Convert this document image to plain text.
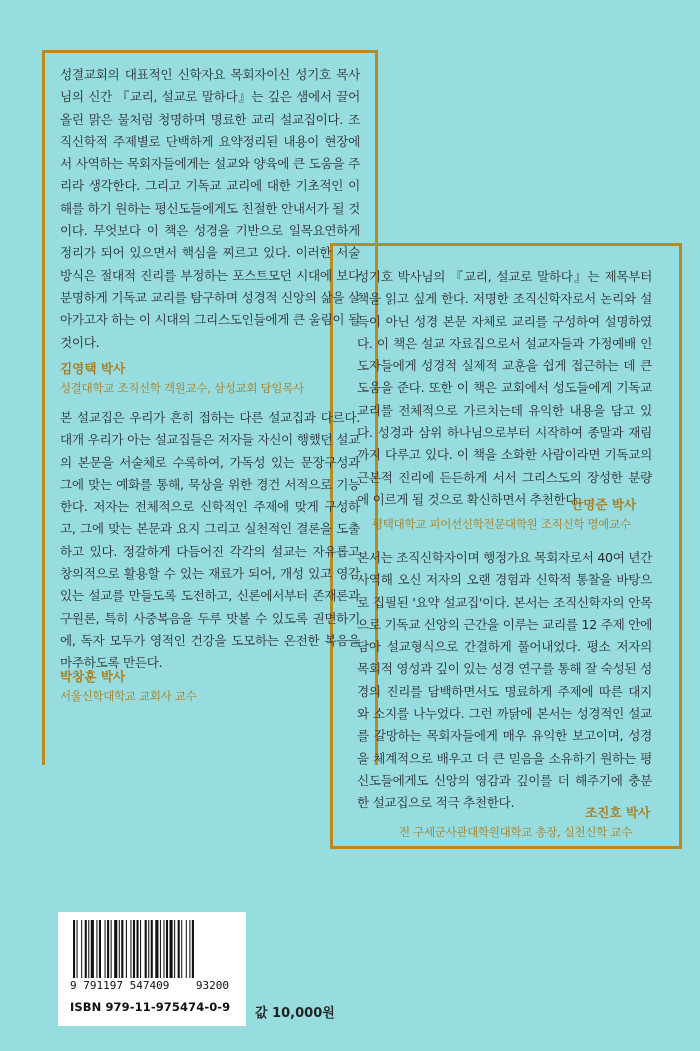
성결교회의 대표적인 신학자요 목회자이신 성기호 목사님의 신간 『교리, 설교로 말하다』는 깊은 샘에서 끌어올린 맑은 물처럼 청명하며 명료한 교리 설교집이다. 조직신학적 주제별로 단백하게 요약정리된 내용이 현장에서 사역하는 목회자들에게는 설교와 양육에 큰 도움을 주리라 생각한다. 그리고 기독교 교리에 대한 기초적인 이해를 하기 원하는 평신도들에게도 친절한 안내서가 될 것이다. 무엇보다 이 책은 성경을 기반으로 일목요연하게 정리가 되어 있으면서 핵심을 찌르고 있다. 이러한 서술방식은 절대적 진리를 부정하는 포스트모던 시대에 보다 분명하게 기독교 교리를 탐구하며 성경적 신앙의 삶을 살아가고자 하는 이 시대의 그리스도인들에게 큰 울림이 될 것이다.

김영택 박사
성결대학교 조직신학 객원교수, 삼성교회 담임목사

본 설교집은 우리가 흔히 접하는 다른 설교집과 다르다. 대개 우리가 아는 설교집들은 저자들 자신이 행했던 설교의 본문을 서술체로 수록하여, 가독성 있는 문장구성과 그에 맞는 예화를 통해, 묵상을 위한 경건 서적으로 기능한다. 저자는 전체적으로 신학적인 주제에 맞게 구성하고, 그에 맞는 본문과 요지 그리고 실천적인 결론을 도출하고 있다. 정갈하게 다듬어진 각각의 설교는 자유롭고 창의적으로 활용할 수 있는 재료가 되어, 개성 있고 영감 있는 설교를 만들도록 도전하고, 신론에서부터 존재론과 구원론, 특히 사중복음을 두루 맛볼 수 있도록 권면하기에, 독자 모두가 영적인 건강을 도모하는 온전한 복음을 마주하도록 만든다.

박창훈 박사
서울신학대학교 교회사 교수

성기호 박사님의 『교리, 설교로 말하다』는 제목부터 책을 읽고 싶게 한다. 저명한 조직신학자로서 논리와 설득이 아닌 성경 본문 자체로 교리를 구성하여 설명하였다. 이 책은 설교 자료집으로서 설교자들과 가정예배 인도자들에게 성경적 실제적 교훈을 쉽게 접근하는 데 큰 도움을 준다. 또한 이 책은 교회에서 성도들에게 기독교 교리를 전체적으로 가르치는데 유익한 내용을 담고 있다. 성경과 삼위 하나님으로부터 시작하여 종말과 재림까지 다루고 있다. 이 책을 소화한 사람이라면 기독교의 근본적 진리에 든든하게 서서 그리스도의 장성한 분량에 이르게 될 것으로 확신하면서 추천한다.

안명준 박사
평택대학교 피어선신학전문대학원 조직신학 명예교수

본서는 조직신학자이며 행정가요 목회자로서 40여 년간 사역해 오신 저자의 오랜 경험과 신학적 통찰을 바탕으로 집필된 '요약 설교집'이다. 본서는 조직신학자의 안목으로 기독교 신앙의 근간을 이루는 교리를 12 주제 안에 담아 설교형식으로 간결하게 풀어내었다. 평소 저자의 목회적 영성과 깊이 있는 성경 연구를 통해 잘 숙성된 성경의 진리를 담백하면서도 명료하게 주제에 따른 대지와 소지를 나누었다. 그런 까닭에 본서는 성경적인 설교를 갈망하는 목회자들에게 매우 유익한 보고이며, 성경을 체계적으로 배우고 더 큰 믿음을 소유하기 원하는 평신도들에게도 신앙의 영감과 깊이를 더 해주기에 충분한 설교집으로 적극 추천한다.

조진호 박사
전 구세군사관대학원대학교 총장, 실천신학 교수
9 791197 547409    93200
ISBN 979-11-975474-0-9 값 10,000원
